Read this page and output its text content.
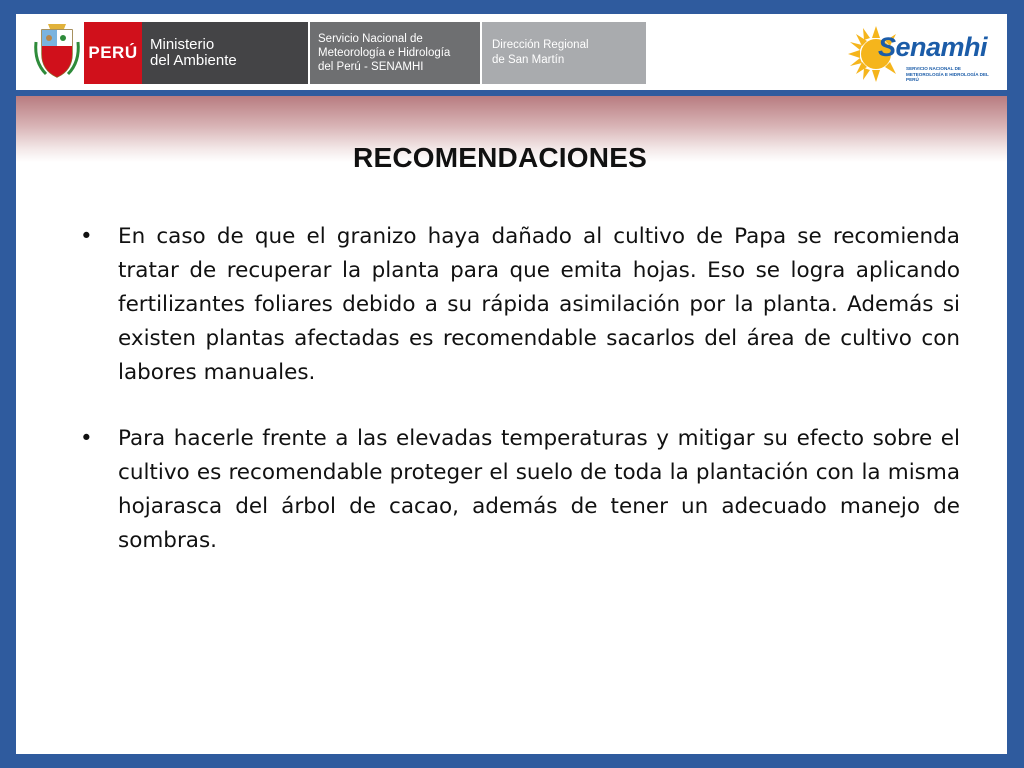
PERÚ Ministerio
del Ambiente
Servicio Nacional de
Meteorología e Hidrología
del Perú - SENAMHI
Dirección Regional
de San Martín	Senamhi
SERVICIO NACIONAL DE METEOROLOGÍA E HIDROLOGÍA DEL PERÚ
RECOMENDACIONES
• En caso de que el granizo haya dañado al cultivo de Papa se recomienda tratar de recuperar la planta para que emita hojas. Eso se logra aplicando fertilizantes foliares debido a su rápida asimilación por la planta. Además si existen plantas afectadas es recomendable sacarlos del área de cultivo con labores manuales.
• Para hacerle frente a las elevadas temperaturas y mitigar su efecto sobre el cultivo es recomendable proteger el suelo de toda la plantación con la misma hojarasca del árbol de cacao, además de tener un adecuado manejo de sombras.
